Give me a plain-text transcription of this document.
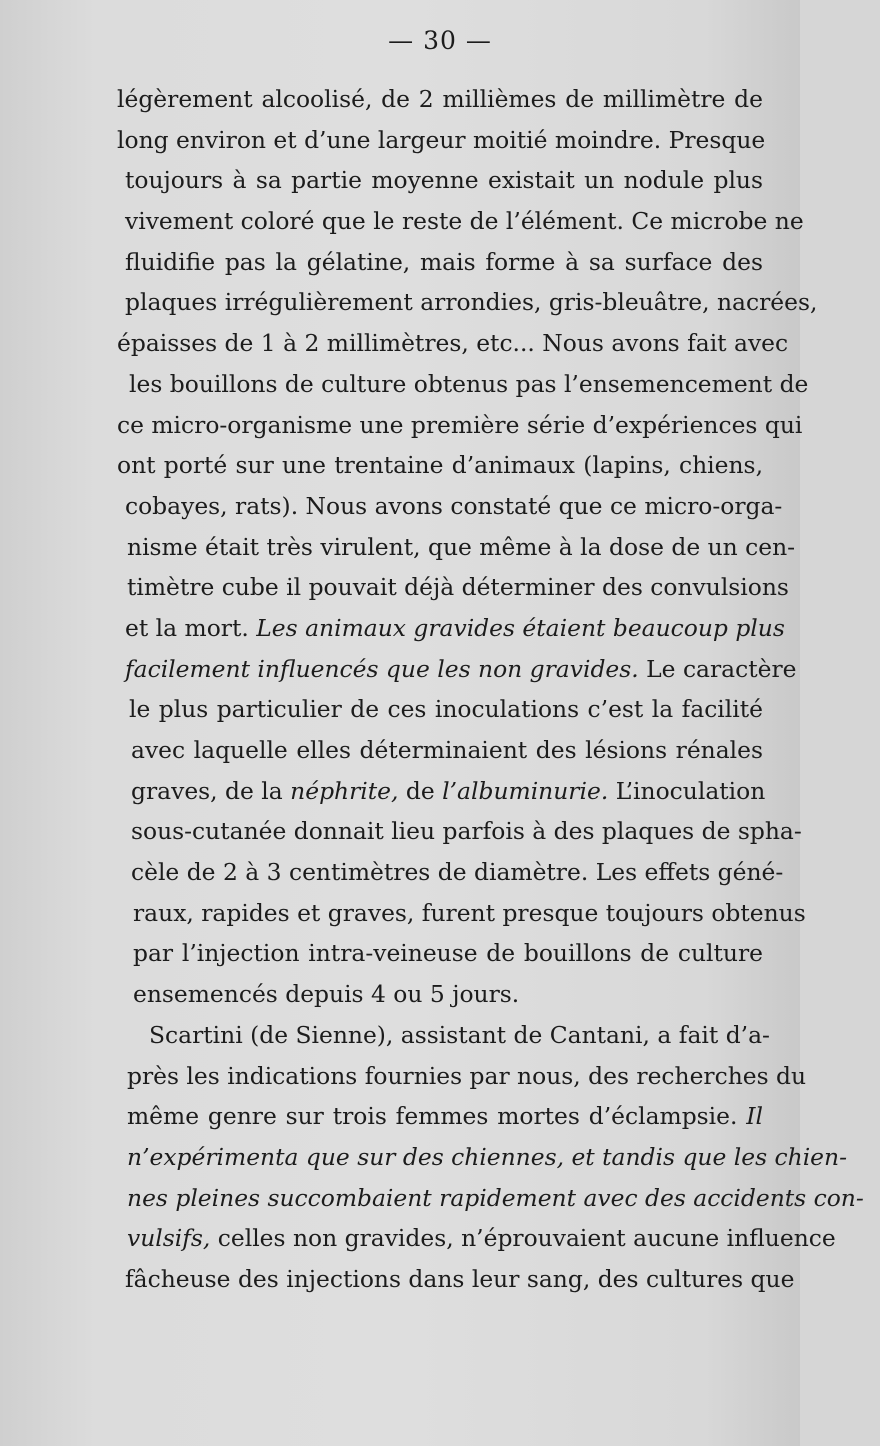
— 30 —
légèrement alcoolisé, de 2 millièmes de millimètre de
long environ et d’une largeur moitié moindre. Presque
toujours à sa partie moyenne existait un nodule plus
vivement coloré que le reste de l’élément. Ce microbe ne
fluidifie pas la gélatine, mais forme à sa surface des
plaques irrégulièrement arrondies, gris-bleuâtre, nacrées,
épaisses de 1 à 2 millimètres, etc... Nous avons fait avec
les bouillons de culture obtenus pas l’ensemencement de
ce micro-organisme une première série d’expériences qui
ont porté sur une trentaine d’animaux (lapins, chiens,
cobayes, rats). Nous avons constaté que ce micro-orga-
nisme était très virulent, que même à la dose de un cen-
timètre cube il pouvait déjà déterminer des convulsions
et la mort. Les animaux gravides étaient beaucoup plus
facilement influencés que les non gravides. Le caractère
le plus particulier de ces inoculations c’est la facilité
avec laquelle elles déterminaient des lésions rénales
graves, de la néphrite, de l’albuminurie. L’inoculation
sous-cutanée donnait lieu parfois à des plaques de spha-
cèle de 2 à 3 centimètres de diamètre. Les effets géné-
raux, rapides et graves, furent presque toujours obtenus
par l’injection intra-veineuse de bouillons de culture
ensemencés depuis 4 ou 5 jours.
Scartini (de Sienne), assistant de Cantani, a fait d’a-
près les indications fournies par nous, des recherches du
même genre sur trois femmes mortes d’éclampsie. Il
n’expérimenta que sur des chiennes, et tandis que les chien-
nes pleines succombaient rapidement avec des accidents con-
vulsifs, celles non gravides, n’éprouvaient aucune influence
fâcheuse des injections dans leur sang, des cultures que
